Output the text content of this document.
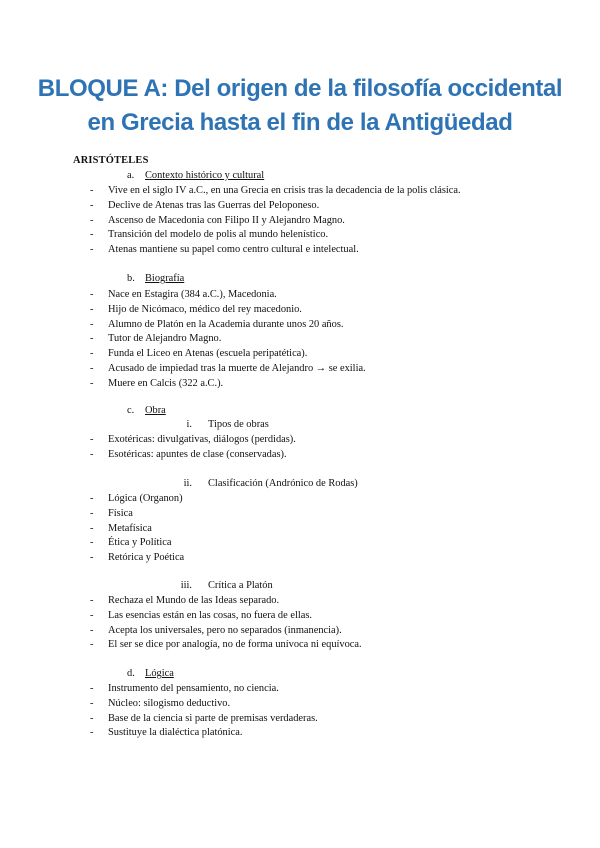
BLOQUE A: Del origen de la filosofía occidental
en Grecia hasta el fin de la Antigüedad
ARISTÓTELES
a. Contexto histórico y cultural
- Vive en el siglo IV a.C., en una Grecia en crisis tras la decadencia de la polis clásica.
- Declive de Atenas tras las Guerras del Peloponeso.
- Ascenso de Macedonia con Filipo II y Alejandro Magno.
- Transición del modelo de polis al mundo helenístico.
- Atenas mantiene su papel como centro cultural e intelectual.
b. Biografía
- Nace en Estagira (384 a.C.), Macedonia.
- Hijo de Nicómaco, médico del rey macedonio.
- Alumno de Platón en la Academia durante unos 20 años.
- Tutor de Alejandro Magno.
- Funda el Liceo en Atenas (escuela peripatética).
- Acusado de impiedad tras la muerte de Alejandro → se exilia.
- Muere en Calcis (322 a.C.).
c. Obra
i. Tipos de obras
- Exotéricas: divulgativas, diálogos (perdidas).
- Esotéricas: apuntes de clase (conservadas).
ii. Clasificación (Andrónico de Rodas)
- Lógica (Organon)
- Física
- Metafísica
- Ética y Política
- Retórica y Poética
iii. Crítica a Platón
- Rechaza el Mundo de las Ideas separado.
- Las esencias están en las cosas, no fuera de ellas.
- Acepta los universales, pero no separados (inmanencia).
- El ser se dice por analogía, no de forma unívoca ni equívoca.
d. Lógica
- Instrumento del pensamiento, no ciencia.
- Núcleo: silogismo deductivo.
- Base de la ciencia si parte de premisas verdaderas.
- Sustituye la dialéctica platónica.
